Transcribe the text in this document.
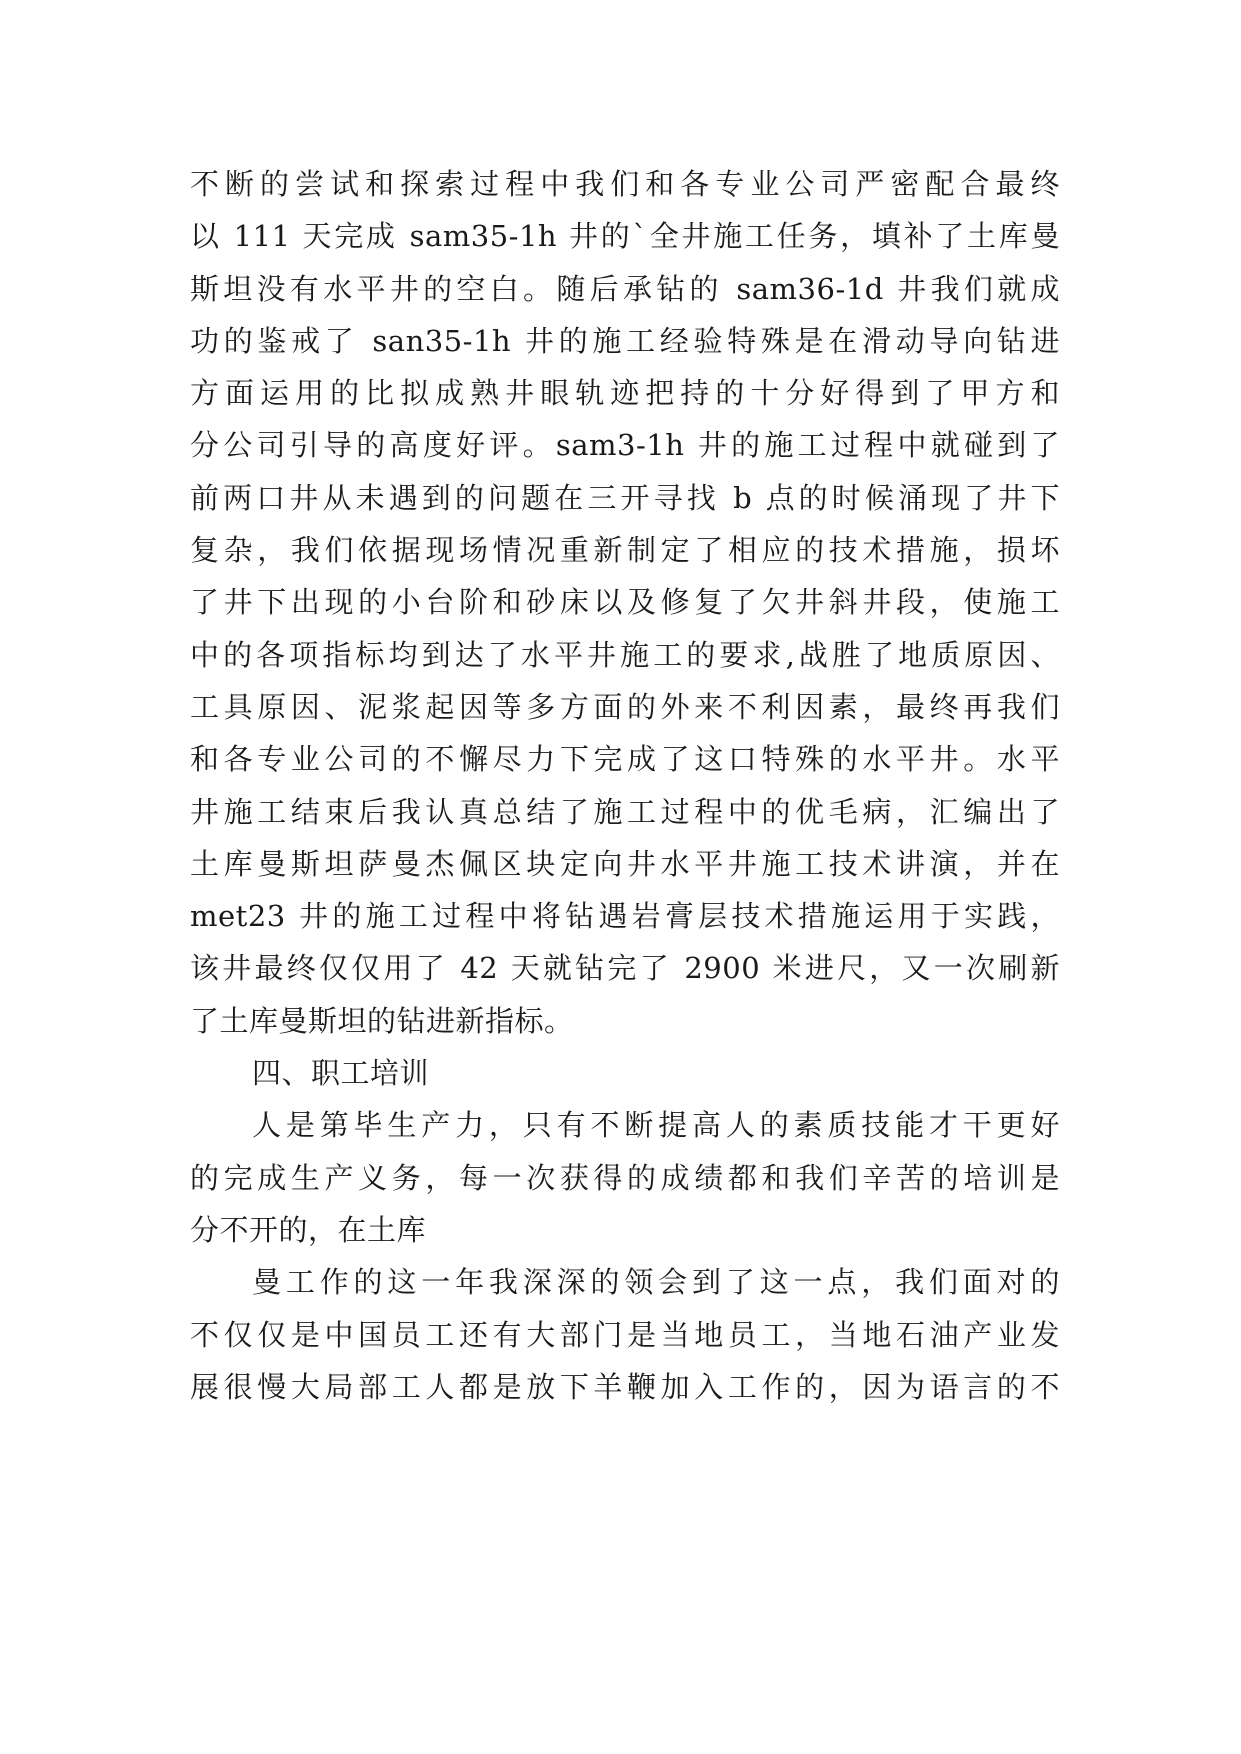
不断的尝试和探索过程中我们和各专业公司严密配合最终
以 111 天完成 sam35-1h 井的`全井施工任务，填补了土库曼
斯坦没有水平井的空白。随后承钻的 sam36-1d 井我们就成
功的鉴戒了 san35-1h 井的施工经验特殊是在滑动导向钻进
方面运用的比拟成熟井眼轨迹把持的十分好得到了甲方和
分公司引导的高度好评。sam3-1h 井的施工过程中就碰到了
前两口井从未遇到的问题在三开寻找 b 点的时候涌现了井下
复杂，我们依据现场情况重新制定了相应的技术措施，损坏
了井下出现的小台阶和砂床以及修复了欠井斜井段，使施工
中的各项指标均到达了水平井施工的要求,战胜了地质原因、
工具原因、泥浆起因等多方面的外来不利因素，最终再我们
和各专业公司的不懈尽力下完成了这口特殊的水平井。水平
井施工结束后我认真总结了施工过程中的优毛病，汇编出了
土库曼斯坦萨曼杰佩区块定向井水平井施工技术讲演，并在
met23 井的施工过程中将钻遇岩膏层技术措施运用于实践，
该井最终仅仅用了 42 天就钻完了 2900 米进尺，又一次刷新
了土库曼斯坦的钻进新指标。
四、职工培训
人是第毕生产力，只有不断提高人的素质技能才干更好
的完成生产义务，每一次获得的成绩都和我们辛苦的培训是
分不开的，在土库
曼工作的这一年我深深的领会到了这一点，我们面对的
不仅仅是中国员工还有大部门是当地员工，当地石油产业发
展很慢大局部工人都是放下羊鞭加入工作的，因为语言的不
